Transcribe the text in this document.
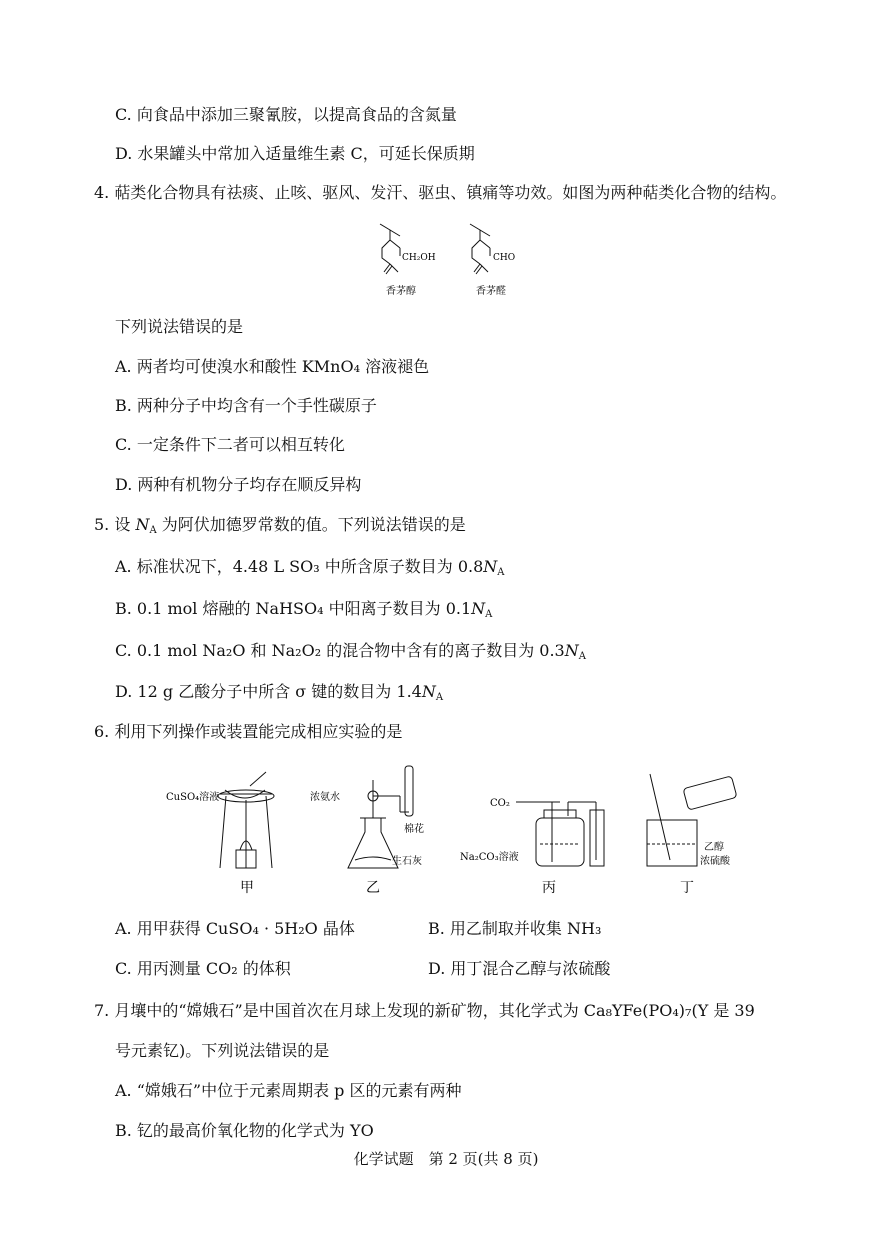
C. 向食品中添加三聚氰胺，以提高食品的含氮量
D. 水果罐头中常加入适量维生素 C，可延长保质期
4. 萜类化合物具有祛痰、止咳、驱风、发汗、驱虫、镇痛等功效。如图为两种萜类化合物的结构。
CH₂OH
香茅醇
CHO
香茅醛
下列说法错误的是
A. 两者均可使溴水和酸性 KMnO₄ 溶液褪色
B. 两种分子中均含有一个手性碳原子
C. 一定条件下二者可以相互转化
D. 两种有机物分子均存在顺反异构
5. 设 $N_A$ 为阿伏加德罗常数的值。下列说法错误的是
A. 标准状况下，4.48 L SO₃ 中所含原子数目为 $0.8N_A$
B. 0.1 mol 熔融的 NaHSO₄ 中阳离子数目为 $0.1N_A$
C. 0.1 mol Na₂O 和 Na₂O₂ 的混合物中含有的离子数目为 $0.3N_A$
D. 12 g 乙酸分子中所含 σ 键的数目为 $1.4N_A$
6. 利用下列操作或装置能完成相应实验的是
CuSO₄溶液
甲
浓氨水
棉花
生石灰
乙
CO₂
Na₂CO₃溶液
丙
乙醇
浓硫酸
丁
A. 用甲获得 CuSO₄ · 5H₂O 晶体	B. 用乙制取并收集 NH₃
C. 用丙测量 CO₂ 的体积	D. 用丁混合乙醇与浓硫酸
7. 月壤中的“嫦娥石”是中国首次在月球上发现的新矿物，其化学式为 Ca₈YFe(PO₄)₇(Y 是 39
号元素钇)。下列说法错误的是
A. “嫦娥石”中位于元素周期表 p 区的元素有两种
B. 钇的最高价氧化物的化学式为 YO
化学试题　第 2 页(共 8 页)
